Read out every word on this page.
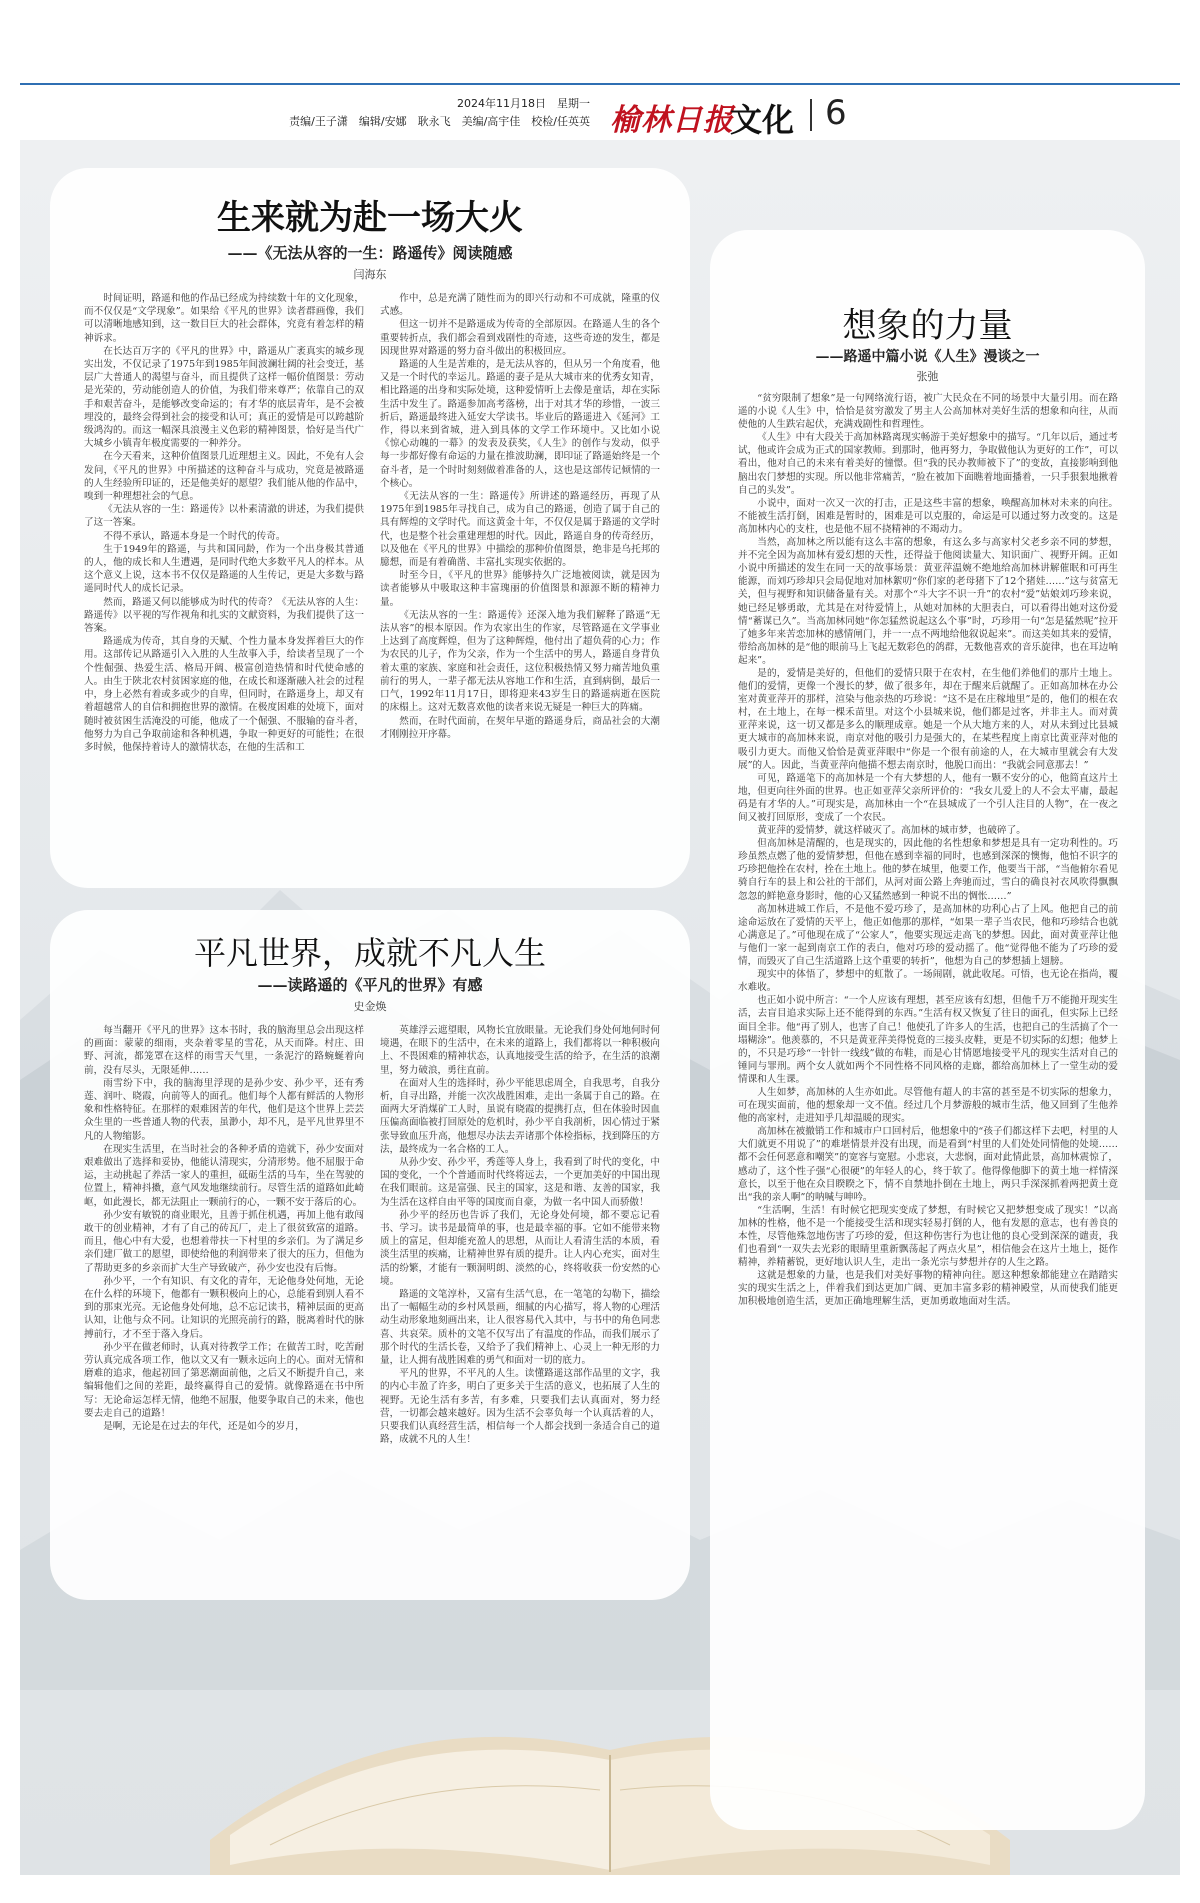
2024年11月18日　星期一
责编/王子潇　编辑/安娜　耿永飞　美编/高宇佳　校检/任英英 榆林日报
文化 6
生来就为赴一场大火
——《无法从容的一生：路遥传》阅读随感
闫海东

时间证明，路遥和他的作品已经成为持续数十年的文化现象，而不仅仅是“文学现象”。如果给《平凡的世界》读者群画像，我们可以清晰地感知到，这一数目巨大的社会群体，究竟有着怎样的精神诉求。

在长达百万字的《平凡的世界》中，路遥从广袤真实的城乡现实出发，不仅记录了1975年到1985年间波澜壮阔的社会变迁，基层广大普通人的渴望与奋斗，而且提供了这样一幅价值图景：劳动是光荣的，劳动能创造人的价值，为我们带来尊严；依靠自己的双手和艰苦奋斗，是能够改变命运的；有才华的底层青年，是不会被埋没的，最终会得到社会的接受和认可；真正的爱情是可以跨越阶级鸿沟的。而这一幅深具浪漫主义色彩的精神图景，恰好是当代广大城乡小镇青年极度需要的一种养分。

在今天看来，这种价值图景几近理想主义。因此，不免有人会发问，《平凡的世界》中所描述的这种奋斗与成功，究竟是被路遥的人生经验所印证的，还是他美好的愿望？我们能从他的作品中，嗅到一种理想社会的气息。

《无法从容的一生：路遥传》以朴素清澈的讲述，为我们提供了这一答案。

不得不承认，路遥本身是一个时代的传奇。

生于1949年的路遥，与共和国同龄，作为一个出身极其普通的人，他的成长和人生遭遇，是同时代绝大多数平凡人的样本。从这个意义上说，这本书不仅仅是路遥的人生传记，更是大多数与路遥同时代人的成长记录。

然而，路遥又何以能够成为时代的传奇？《无法从容的人生：路遥传》以平视的写作视角和扎实的文献资料，为我们提供了这一答案。

路遥成为传奇，其自身的天赋、个性力量本身发挥着巨大的作用。这部传记从路遥引入入胜的人生故事入手，给读者呈现了一个个性倔强、热爱生活、格局开阔、极富创造热情和时代使命感的人。由生于陕北农村贫困家庭的他，在成长和逐渐融入社会的过程中，身上必然有着或多或少的自卑，但同时，在路遥身上，却又有着超越常人的自信和拥抱世界的激情。在极度困难的处境下，面对随时被贫困生活淹没的可能，他成了一个倔强、不服输的奋斗者，他努力为自己争取前途和各种机遇，争取一种更好的可能性；在很多时候，他保持着诗人的激情状态，在他的生活和工

作中，总是充满了随性而为的即兴行动和不可成就，隆重的仪式感。

但这一切并不是路遥成为传奇的全部原因。在路遥人生的各个重要转折点，我们都会看到戏剧性的奇迹，这些奇迹的发生，都是因现世界对路遥的努力奋斗做出的积极回应。

路遥的人生是苦难的，是无法从容的，但从另一个角度看，他又是一个时代的幸运儿。路遥的妻子是从大城市来的优秀女知青，相比路遥的出身和实际处境，这种爱情听上去像是童话，却在实际生活中发生了。路遥参加高考落榜，出于对其才华的珍惜，一波三折后，路遥最终进入延安大学读书。毕业后的路遥进入《延河》工作，得以来到省城，进入到具体的文学工作环境中。又比如小说《惊心动魄的一幕》的发表及获奖，《人生》的创作与发动，似乎每一步都好像有命运的力量在推波助澜，即印证了路遥始终是一个奋斗者，是一个时时刻刻做着准备的人，这也是这部传记倾情的一个核心。

《无法从容的一生：路遥传》所讲述的路遥经历，再现了从1975年到1985年寻找自己，成为自己的路遥，创造了属于自己的具有辉煌的文学时代。而这黄金十年，不仅仅是属于路遥的文学时代，也是整个社会重建理想的时代。因此，路遥自身的传奇经历，以及他在《平凡的世界》中描绘的那种价值图景，绝非是乌托邦的臆想，而是有着确凿、丰富扎实现实依据的。

时至今日，《平凡的世界》能够持久广泛地被阅读，就是因为读者能够从中吸取这种丰富瑰丽的价值图景和源源不断的精神力量。

《无法从容的一生：路遥传》还深入地为我们解释了路遥“无法从容”的根本原因。作为农家出生的作家，尽管路遥在文学事业上达到了高度辉煌，但为了这种辉煌，他付出了超负荷的心力；作为农民的儿子，作为父亲，作为一个生活中的男人，路遥自身背负着太重的家族、家庭和社会责任，这位积极热情又努力痛苦地负重前行的男人，一辈子都无法从容地工作和生活，直到病倒，最后一口气，1992年11月17日，即将迎来43岁生日的路遥病逝在医院的床榻上。这对无数喜欢他的读者来说无疑是一种巨大的阵痛。

然而，在时代面前，在契年早逝的路遥身后，商品社会的大潮才刚刚拉开序幕。

想象的力量
——路遥中篇小说《人生》漫谈之一
张弛

“贫穷限制了想象”是一句网络流行语，被广大民众在不同的场景中大量引用。而在路遥的小说《人生》中，恰恰是贫穷激发了男主人公高加林对美好生活的想象和向往，从而使他的人生跌宕起伏，充满戏剧性和哲理性。

《人生》中有大段关于高加林路离现实畅游于美好想象中的描写。“几年以后，通过考试，他或许会成为正式的国家教师。到那时，他再努力，争取做他认为更好的工作”，可以看出，他对自己的未来有着美好的憧憬。但“我的民办教师被下了”的变故，直接影响到他脑出农门梦想的实现。所以他非常痛苦，“脸在被加下面瞧着地面播着，一只手狠狠地揪着自己的头发”。

小说中，面对一次又一次的打击，正是这些丰富的想象，唤醒高加林对未来的向往。不能被生活打倒，困难是暂时的，困难是可以克服的，命运是可以通过努力改变的。这是高加林内心的支柱，也是他不屈不挠精神的不竭动力。

当然，高加林之所以能有这么丰富的想象，有这么多与高家村父老乡亲不同的梦想，并不完全因为高加林有爱幻想的天性，还得益于他阅读量大、知识面广、视野开阔。正如小说中所描述的发生在同一天的故事场景：黄亚萍温婉不绝地给高加林讲解催眠和可再生能源，而刘巧珍却只会局促地对加林絮叨“你们家的老母猪下了12个猪娃……”这与贫富无关，但与视野和知识储备量有关。对那个“斗大字不识一升”的农村“爱”姑娘刘巧珍来说，她已经足够勇敢，尤其是在对待爱情上，从她对加林的大胆表白，可以看得出她对这份爱情“蓄谋已久”。当高加林同她“你怎猛然说起这么个事”时，巧珍用一句“怎是猛然呢”拉开了她多年来苦恋加林的感情闸门，并一一点不两地给他叙说起来”。而这美如其来的爱情，带给高加林的是“他的眼前马上飞起无数彩色的鸽群，无数他喜欢的音乐旋律，也在耳边响起来”。

是的，爱情是美好的，但他们的爱情只限于在农村，在生他们养他们的那片土地上。他们的爱情，更像一个漫长的梦，做了很多年，却在于醒来后就醒了。正如高加林在办公室对黄亚萍开的那样，渲染与他亲热的巧珍说：“这不是在庄稼地里”是的，他们的根在农村，在土地上，在每一棵禾苗里。对这个小县城来说，他们都是过客，并非主人。而对黄亚萍来说，这一切又都是多么的顺理成章。她是一个从大地方来的人，对从未到过比县城更大城市的高加林来说，南京对他的吸引力是强大的，在某些程度上南京比黄亚萍对他的吸引力更大。而他又恰恰是黄亚萍眼中“你是一个很有前途的人，在大城市里就会有大发展”的人。因此，当黄亚萍向他描不想去南京时，他脱口而出：“我就会同意那去！”

可见，路遥笔下的高加林是一个有大梦想的人，他有一颗不安分的心，他简直这片土地，但更向往外面的世界。也正如亚萍父亲所评价的：“我女儿爱上的人不会太平庸，最起码是有才华的人。”可现实是，高加林由一个“在县城成了一个引人注目的人物”，在一夜之间又被打回原形，变成了一个农民。

黄亚萍的爱情梦，就这样破灭了。高加林的城市梦，也破碎了。

但高加林是清醒的，也是现实的，因此他的名性想象和梦想是具有一定功利性的。巧珍虽然点燃了他的爱情梦想，但他在感到幸福的同时，也感到深深的懊悔，他怕不识字的巧珍把他拴在农村，拴在土地上。他的梦在城里，他要工作，他要当干部，“当他俯尔看见骑自行车的县上和公社的干部们，从河对面公路上奔驰而过，雪白的确良衬衣风吹得飘飘忽忽的鲜艳意身影时，他的心又猛然感到一种说不出的惆怅……”

高加林进城工作后，不是他不爱巧珍了，是高加林的功利心占了上风。他把自己的前途命运放在了爱情的天平上，他正如他那的那样，“如果一辈子当农民，他和巧珍结合也就心满意足了。”可他现在成了“公家人”，他要实现远走高飞的梦想。因此，面对黄亚萍让他与他们一家一起到南京工作的表白，他对巧珍的爱动摇了。他“觉得他不能为了巧珍的爱情，而毁灭了自己生活道路上这个重要的转折”，他想为自己的梦想插上翅膀。

现实中的体悟了，梦想中的虹散了。一场闹剧，就此收尾。可悟，也无论在指尚，覆水难收。

也正如小说中所言：“一个人应该有理想，甚至应该有幻想，但他千万不能抛开现实生活，去盲目追求实际上还不能得到的东西。”生活有权又恢复了往日的面孔，但实际上已经面目全非。他“再了别人，也害了自己！他使孔了许多人的生活，也把自己的生活搞了个一塌糊涂”。他羡慕的，不只是黄亚萍美得悦竟的三接头皮鞋，更是不切实际的幻想；他梦上的，不只是巧珍“一针针一线线”做的布鞋，而是心甘情愿地接受平凡的现实生活对自己的锤同与罪刑。两个女人就如两个不同性格不同风格的走廊，都给高加林上了一堂生动的爱情课和人生课。

人生如梦，高加林的人生亦如此。尽管他有超人的丰富的甚至是不切实际的想象力，可在现实面前，他的想象却一文不值。经过几个月梦游般的城市生活，他又回到了生他养他的高家村，走进知乎几却温暖的现实。

高加林在被撤销工作和城市户口回村后，他想象中的“孩子们都这样下去吧，村里的人大们就更不用说了”的难堪情景并没有出现，而是看到“村里的人们处处同情他的处境……都不会任何恶意和嘲笑”的宽容与宽慰。小悲哀，大悲悯，面对此情此景，高加林震惊了，感动了，这个性子强“心很硬”的年轻人的心，终于软了。他得像他脚下的黄土地一样情深意长，以至于他在众目睽睽之下，情不自禁地扑倒在土地上，两只手深深抓着两把黄土竟出“我的亲人啊”的呐喊与呻吟。

“生活啊，生活！有时候它把现实变成了梦想，有时候它又把梦想变成了现实！”以高加林的性格，他不是一个能接受生活和现实轻易打倒的人，他有发愿的意志，也有善良的本性，尽管他殊忽地伤害了巧珍的爱，但这种伤害行为也让他的良心受到深深的谴责，我们也看到“一双失去光彩的眼睛里重新飘荡起了两点火星”，相信他会在这片土地上，挺作精神，养精蓄锐，更好地认识人生，走出一条光宗与梦想并存的人生之路。

这就是想象的力量，也是我们对美好事物的精神向往。愿这种想象都能建立在踏踏实实的现实生活之上，伴着我们到达更加广阔、更加丰富多彩的精神殿堂，从而使我们能更加积极地创造生活，更加正确地理解生活，更加勇敢地面对生活。

平凡世界，成就不凡人生
——读路遥的《平凡的世界》有感
史金焕

每当翻开《平凡的世界》这本书时，我的脑海里总会出现这样的画面：蒙蒙的细雨，夹杂着零星的雪花，从天而降。村庄、田野、河流，都笼罩在这样的雨雪天气里，一条泥泞的路蜿蜒着向前，没有尽头，无限延伸……

雨雪纷下中，我的脑海里浮现的是孙少安、孙少平，还有秀莲、润叶、晓霞，向前等人的面孔。他们每个人都有鲜活的人物形象和性格特征。在那样的艰难困苦的年代，他们是这个世界上芸芸众生里的一些普通人物的代表，虽渺小，却不凡，是平凡世界里不凡的人物缩影。

在现实生活里，在当时社会的各种矛盾的造就下，孙少安面对艰难做出了选择和妥协，他能认清现实，分清形势。他不屈服于命运，主动挑起了养活一家人的重担，砥砺生活的马车，坐在驾驶的位置上，精神抖擞，意气风发地继续前行。尽管生活的道路如此崎岖，如此漫长，都无法阻止一颗前行的心，一颗不安于落后的心。

孙少安有敏锐的商业眼光，且善于抓住机遇，再加上他有敢闯敢干的创业精神，才有了自己的砖瓦厂，走上了很贫致富的道路。而且，他心中有大爱，也想着带扶一下村里的乡亲们。为了满足乡亲们建厂做工的愿望，即使给他的利润带来了很大的压力，但他为了帮助更多的乡亲而扩大生产导致破产，孙少安也没有后悔。

孙少平，一个有知识、有文化的青年，无论他身处何地，无论在什么样的环境下，他都有一颗积极向上的心，总能看到别人看不到的那束光亮。无论他身处何地，总不忘记读书，精神层面的更高认知，让他与众不同。让知识的光照亮前行的路，脱离着时代的脉搏前行，才不至于落入身后。

孙少平在做老师时，认真对待教学工作；在做苦工时，吃苦耐劳认真完成各项工作，他以文又有一颗永远向上的心。面对无情和磨难的追求，他起初回了第恶潮面前他，之后又不断提升自己，来编辑他们之间的差距，最终赢得自己的爱情。就像路遥在书中所写：无论命运怎样无情，他绝不屈服，他要争取自己的未来，他也要去走自己的道路！

是啊，无论是在过去的年代，还是如今的岁月，

英雄浮云遮望眼，风物长宜放眼量。无论我们身处何地何时何境遇，在眼下的生活中，在未来的道路上，我们都将以一种积极向上、不畏困难的精神状态，认真地接受生活的给予，在生活的浪潮里，努力破浪，勇往直前。

在面对人生的选择时，孙少平能思虑周全，自我思考，自我分析，自寻出路，并能一次次战胜困难，走出一条属于自己的路。在面两大牙消煤矿工人时，虽说有晓霞的提携打点，但在体验时因血压偏高面临被打回原处的危机时，孙少平自我剖析，因心情过于紧张导致血压升高，他想尽办法去弄诸那个体检指标，找到降压的方法，最终成为一名合格的工人。

从孙少安、孙少平，秀莲等人身上，我看到了时代的变化，中国的变化，一个个普通而时代终将远去，一个更加美好的中国出现在我们眼前。这是富强、民主的国家，这是和谐、友善的国家，我为生活在这样自由平等的国度而自豪，为做一名中国人而骄傲！

孙少平的经历也告诉了我们，无论身处何境，都不要忘记看书、学习。读书是最简单的事，也是最幸福的事。它如不能带来物质上的富足，但却能充盈人的思想，从而让人看清生活的本质，看淡生活里的疾痛，让精神世界有质的提升。让人内心充实，面对生活的纷繁，才能有一颗洞明朗、淡然的心，终将收获一份安然的心境。

路遥的文笔淳朴，又富有生活气息，在一笔笔的勾勒下，描绘出了一幅幅生动的乡村风景画，细腻的内心描写，将人物的心理活动生动形象地刻画出来，让人很容易代入其中，与书中的角色同悲喜、共哀荣。质朴的文笔不仅写出了有温度的作品，而我们展示了那个时代的生活长卷，又给予了我们精神上、心灵上一种无形的力量，让人拥有战胜困难的勇气和面对一切的底力。

平凡的世界，不平凡的人生。读懂路遥这部作品里的文字，我的内心丰盈了许多，明白了更多关于生活的意义，也拓展了人生的视野。无论生活有多苦，有多难，只要我们去认真面对，努力经营，一切都会越来越好。因为生活不会辜负每一个认真活着的人，只要我们认真经营生活，相信每一个人都会找到一条适合自己的道路，成就不凡的人生！
